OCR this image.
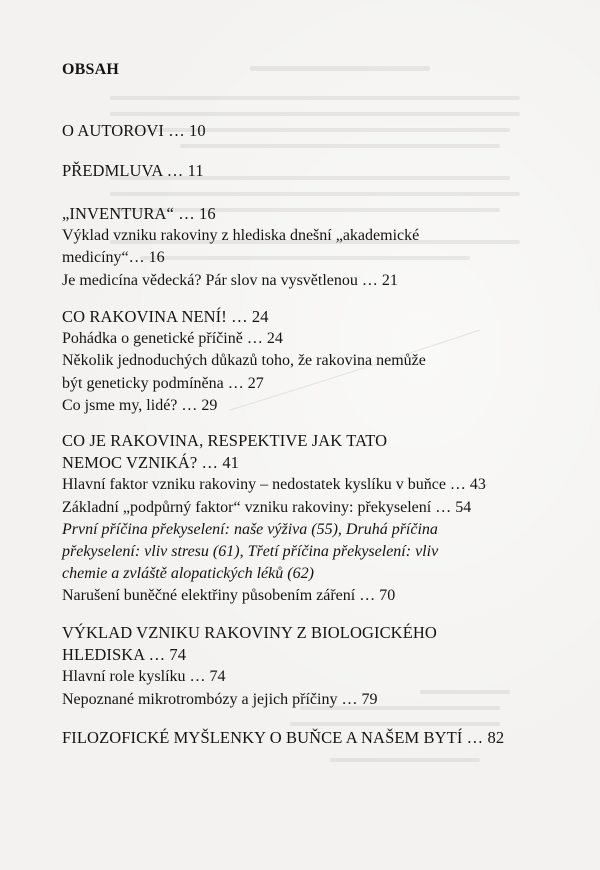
OBSAH
O AUTOROVI … 10
PŘEDMLUVA … 11
„INVENTURA“ … 16
Výklad vzniku rakoviny z hlediska dnešní „akademické
medicíny“… 16
Je medicína vědecká? Pár slov na vysvětlenou … 21
CO RAKOVINA NENÍ! … 24
Pohádka o genetické příčině … 24
Několik jednoduchých důkazů toho, že rakovina nemůže
být geneticky podmíněna … 27
Co jsme my, lidé? … 29
CO JE RAKOVINA, RESPEKTIVE JAK TATO
NEMOC VZNIKÁ? … 41
Hlavní faktor vzniku rakoviny – nedostatek kyslíku v buňce … 43
Základní „podpůrný faktor“ vzniku rakoviny: překyselení … 54
První příčina překyselení: naše výživa (55), Druhá příčina
překyselení: vliv stresu (61), Třetí příčina překyselení: vliv
chemie a zvláště alopatických léků (62)
Narušení buněčné elektřiny působením záření … 70
VÝKLAD VZNIKU RAKOVINY Z BIOLOGICKÉHO
HLEDISKA … 74
Hlavní role kyslíku … 74
Nepoznané mikrotrombózy a jejich příčiny … 79
FILOZOFICKÉ MYŠLENKY O BUŇCE A NAŠEM BYTÍ … 82
